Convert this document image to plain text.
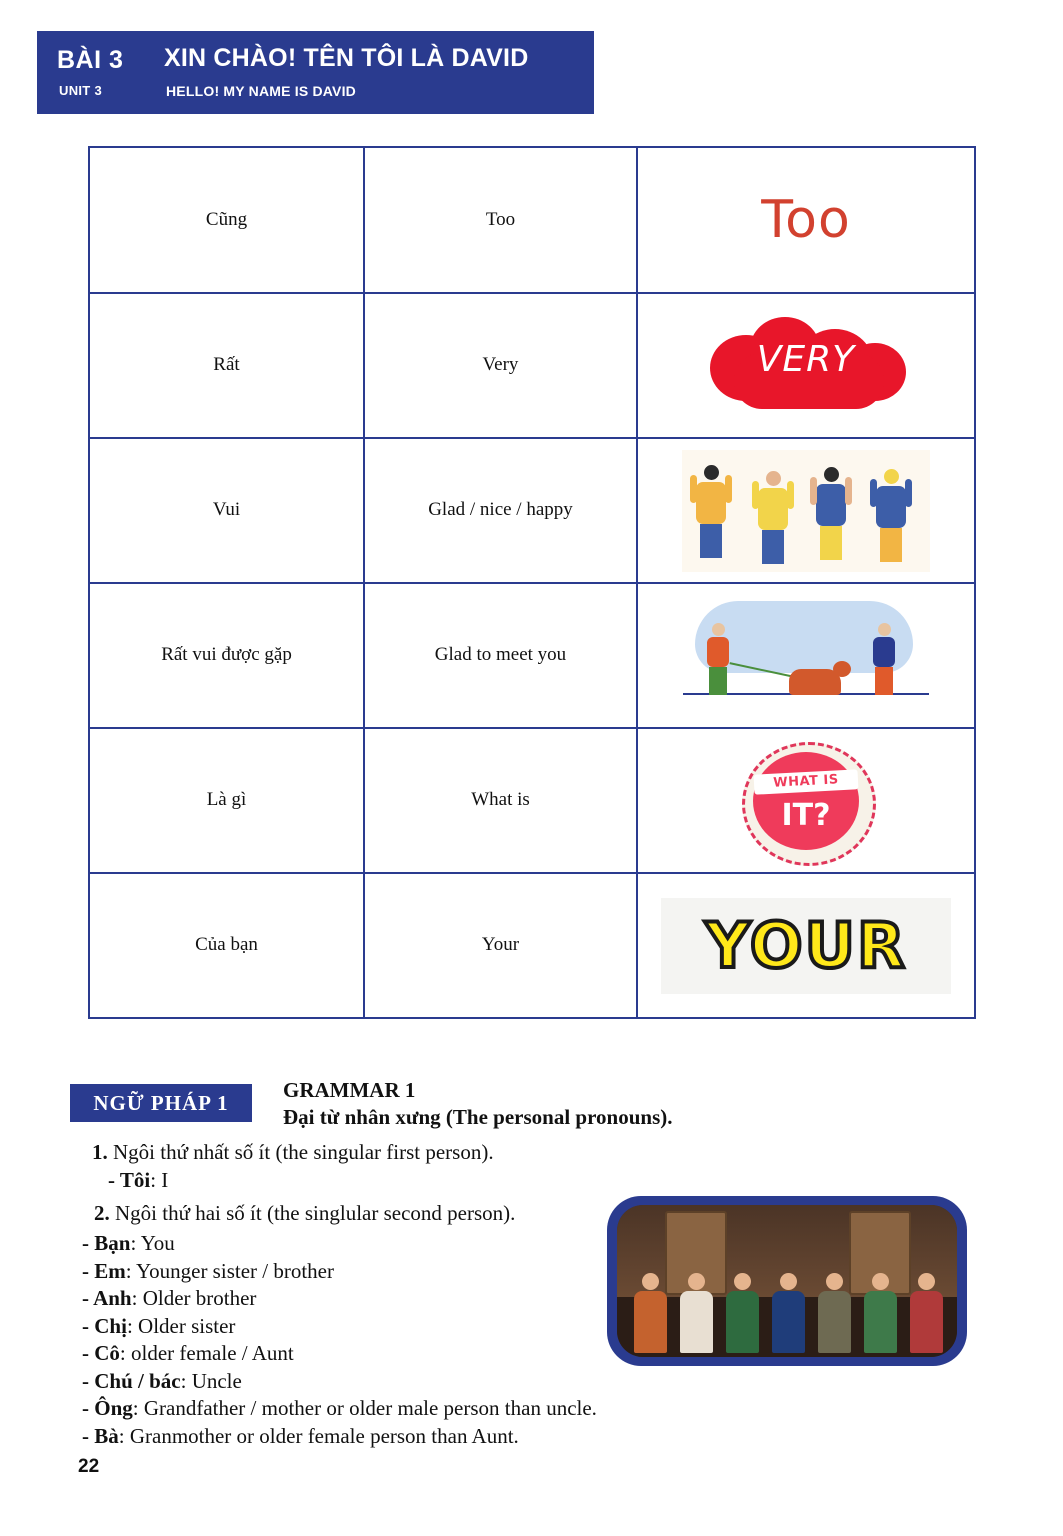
BÀI 3
UNIT 3
XIN CHÀO! TÊN TÔI LÀ DAVID
HELLO! MY NAME IS DAVID
Cũng	Too	Too

Rất	Very	VERY

Vui	Glad / nice / happy	

Rất vui được gặp	Glad to meet you	

Là gì	What is	WHAT IS
IT?

Của bạn	Your	YOUR
NGỮ PHÁP 1
GRAMMAR 1
Đại từ nhân xưng (The personal pronouns).
1. Ngôi thứ nhất số ít (the singular first person).
- Tôi: I
2. Ngôi thứ hai số ít (the singlular second person).
- Bạn: You
- Em: Younger sister / brother
- Anh: Older brother
- Chị: Older sister
- Cô: older female / Aunt
- Chú / bác: Uncle
- Ông: Grandfather / mother or older male person than uncle.
- Bà: Granmother or older female person than Aunt.
22
